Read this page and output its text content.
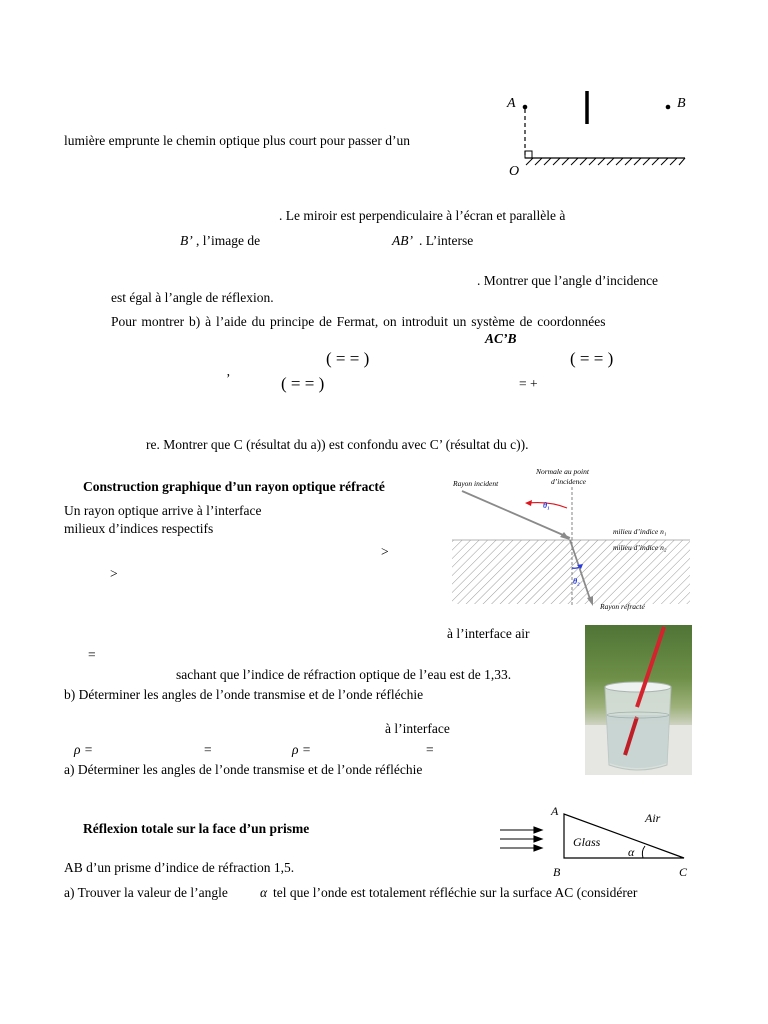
lumière emprunte le chemin optique plus court pour passer d’un
A	B
O
. Le miroir est perpendiculaire à l’écran et parallèle à
B’ , l’image de	AB’ . L’interse
. Montrer que l’angle d’incidence
est égal à l’angle de réflexion.
Pour montrer b) à l’aide du principe de Fermat, on introduit un système de coordonnées
AC’B
( = = )	( = = )
’	( = = )	= +
re. Montrer que C (résultat du a)) est confondu avec C’ (résultat du c)).
Construction graphique d’un rayon optique réfracté
Un rayon optique arrive à l’interface
milieux d’indices respectifs
>
>
Normale au point
d’incidence
Rayon incident
θ₁
milieu d’indice n₁
milieu d’indice n₂
θ₂
Rayon réfracté
à l’interface air
=
sachant que l’indice de réfraction optique de l’eau est de 1,33.
b) Déterminer les angles de l’onde transmise et de l’onde réfléchie
à l’interface
ρ =	=	ρ =	=
a) Déterminer les angles de l’onde transmise et de l’onde réfléchie
Réflexion totale sur la face d’un prisme
A	Air
Glass
α
B	C
AB d’un prisme d’indice de réfraction 1,5.
a) Trouver la valeur de l’angle α tel que l’onde est totalement réfléchie sur la surface AC (considérer
